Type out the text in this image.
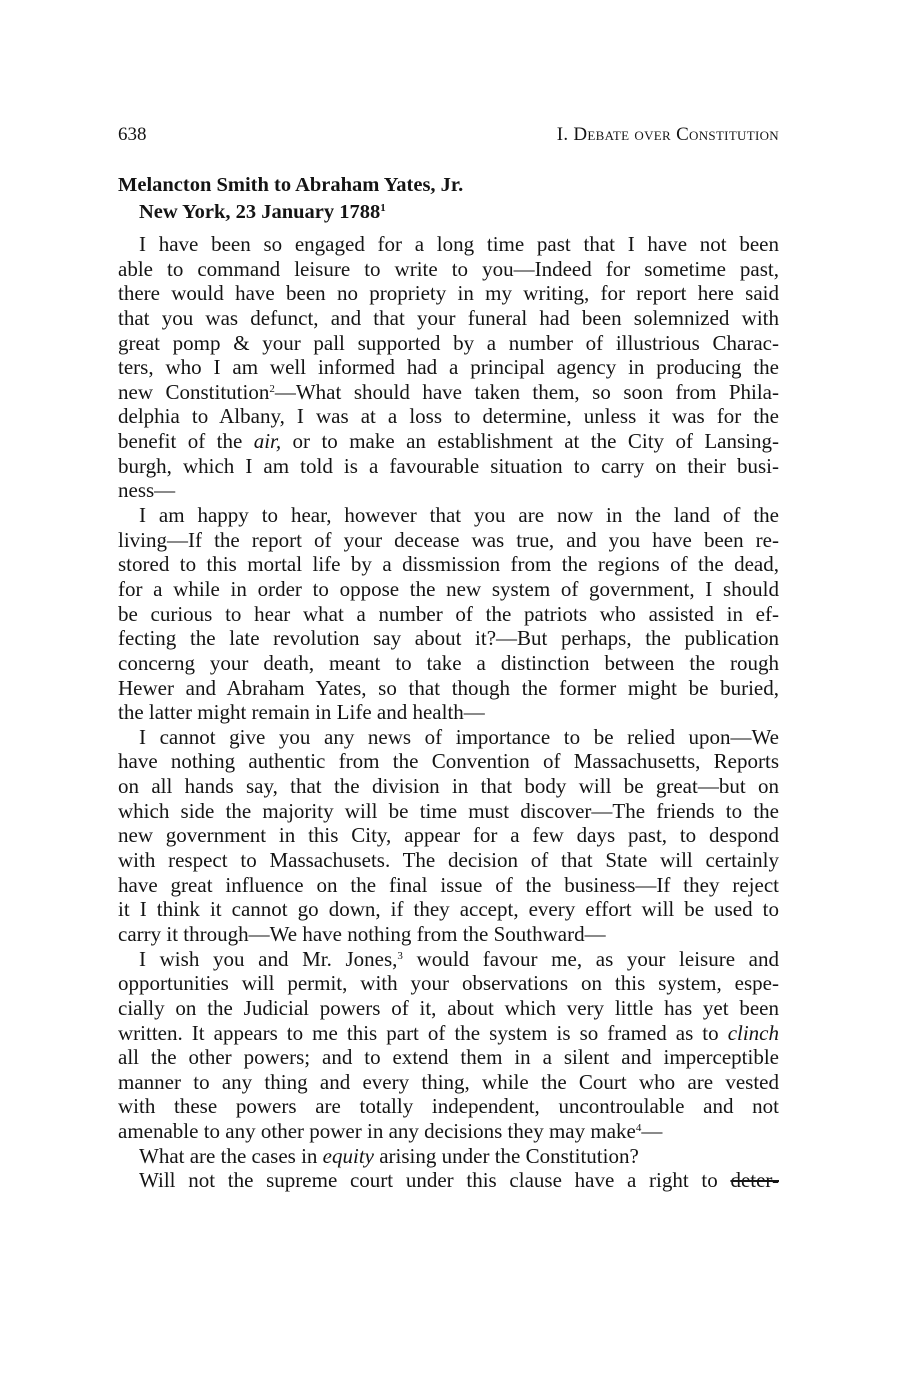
638	I. Debate over Constitution
Melancton Smith to Abraham Yates, Jr.
New York, 23 January 1788$^1$
I have been so engaged for a long time past that I have not been
able to command leisure to write to you—Indeed for sometime past,
there would have been no propriety in my writing, for report here said
that you was defunct, and that your funeral had been solemnized with
great pomp & your pall supported by a number of illustrious Charac-
ters, who I am well informed had a principal agency in producing the
new Constitution$^2$—What should have taken them, so soon from Phila-
delphia to Albany, I was at a loss to determine, unless it was for the
benefit of the air, or to make an establishment at the City of Lansing-
burgh, which I am told is a favourable situation to carry on their busi-
ness—
I am happy to hear, however that you are now in the land of the
living—If the report of your decease was true, and you have been re-
stored to this mortal life by a dissmission from the regions of the dead,
for a while in order to oppose the new system of government, I should
be curious to hear what a number of the patriots who assisted in ef-
fecting the late revolution say about it?—But perhaps, the publication
concerng your death, meant to take a distinction between the rough
Hewer and Abraham Yates, so that though the former might be buried,
the latter might remain in Life and health—
I cannot give you any news of importance to be relied upon—We
have nothing authentic from the Convention of Massachusetts, Reports
on all hands say, that the division in that body will be great—but on
which side the majority will be time must discover—The friends to the
new government in this City, appear for a few days past, to despond
with respect to Massachusets. The decision of that State will certainly
have great influence on the final issue of the business—If they reject
it I think it cannot go down, if they accept, every effort will be used to
carry it through—We have nothing from the Southward—
I wish you and Mr. Jones,$^3$ would favour me, as your leisure and
opportunities will permit, with your observations on this system, espe-
cially on the Judicial powers of it, about which very little has yet been
written. It appears to me this part of the system is so framed as to clinch
all the other powers; and to extend them in a silent and imperceptible
manner to any thing and every thing, while the Court who are vested
with these powers are totally independent, uncontroulable and not
amenable to any other power in any decisions they may make$^4$—
What are the cases in equity arising under the Constitution?
Will not the supreme court under this clause have a right to deter-
